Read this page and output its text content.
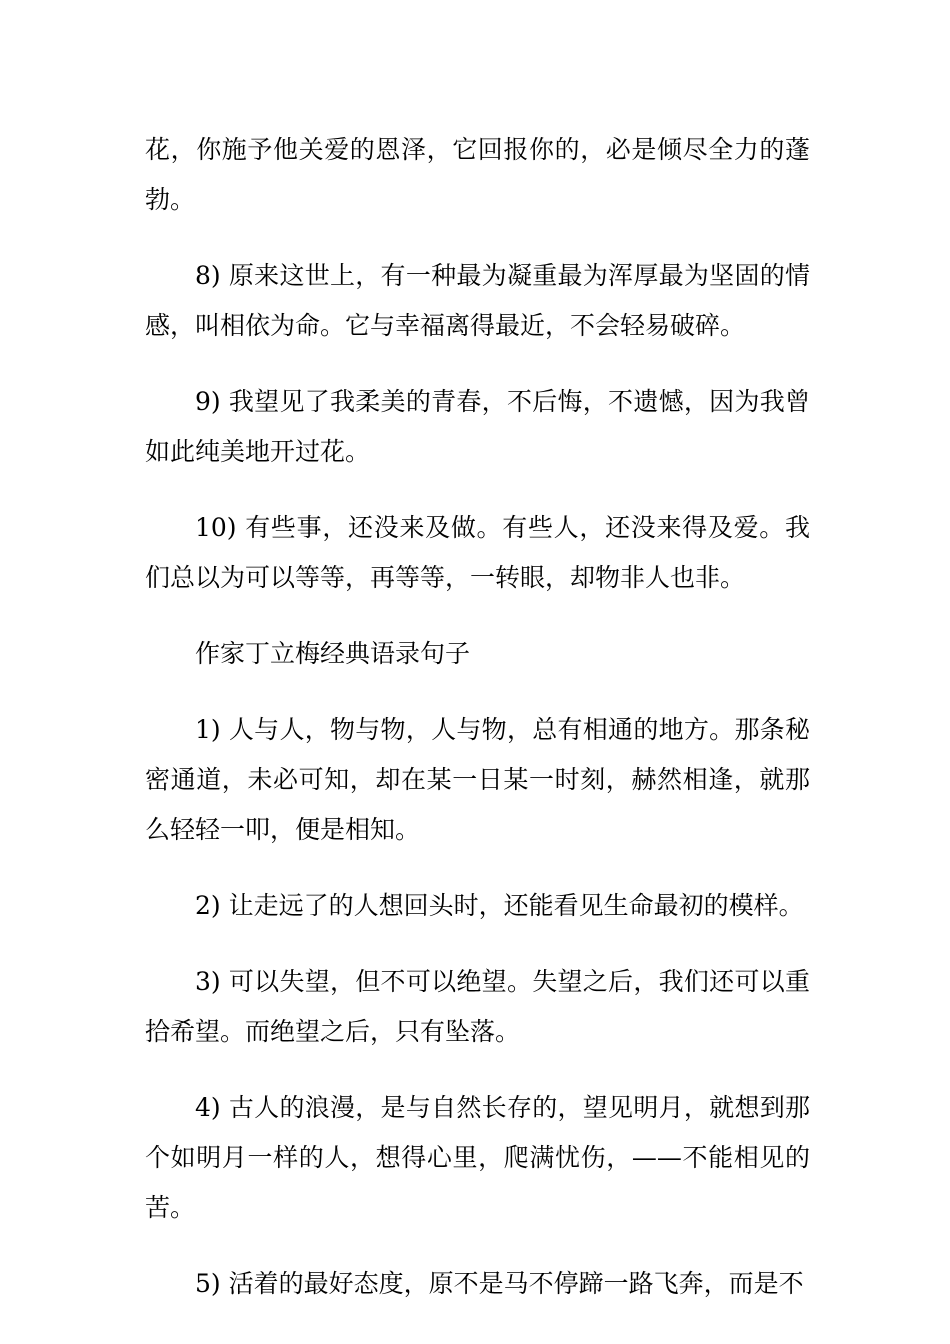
花，你施予他关爱的恩泽，它回报你的，必是倾尽全力的蓬勃。

8) 原来这世上，有一种最为凝重最为浑厚最为坚固的情感，叫相依为命。它与幸福离得最近，不会轻易破碎。

9) 我望见了我柔美的青春，不后悔，不遗憾，因为我曾如此纯美地开过花。

10) 有些事，还没来及做。有些人，还没来得及爱。我们总以为可以等等，再等等，一转眼，却物非人也非。

作家丁立梅经典语录句子

1) 人与人，物与物，人与物，总有相通的地方。那条秘密通道，未必可知，却在某一日某一时刻，赫然相逢，就那么轻轻一叩，便是相知。

2) 让走远了的人想回头时，还能看见生命最初的模样。

3) 可以失望，但不可以绝望。失望之后，我们还可以重拾希望。而绝望之后，只有坠落。

4) 古人的浪漫，是与自然长存的，望见明月，就想到那个如明月一样的人，想得心里，爬满忧伤，——不能相见的苦。

5) 活着的最好态度，原不是马不停蹄一路飞奔，而是不
